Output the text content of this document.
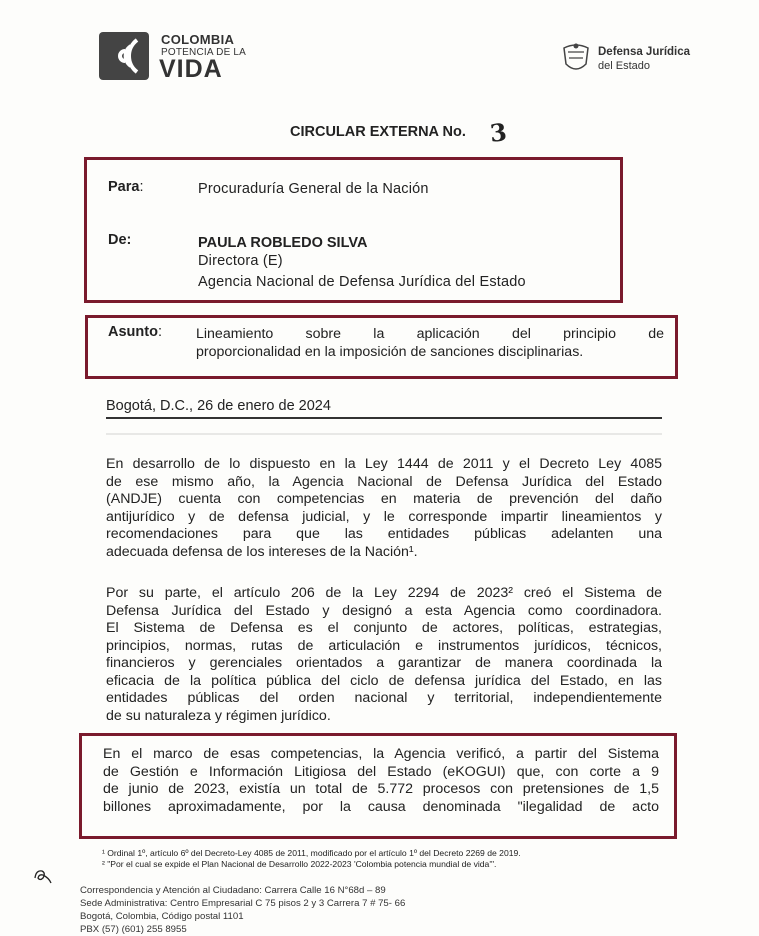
COLOMBIA
POTENCIA DE LA
VIDA
Defensa Jurídica
del Estado
CIRCULAR EXTERNA No. 3
Para:	Procuraduría General de la Nación
De:	PAULA ROBLEDO SILVA
Directora (E)
Agencia Nacional de Defensa Jurídica del Estado
Asunto: Lineamiento sobre la aplicación del principio de
proporcionalidad en la imposición de sanciones disciplinarias.
Bogotá, D.C., 26 de enero de 2024
En desarrollo de lo dispuesto en la Ley 1444 de 2011 y el Decreto Ley 4085
de ese mismo año, la Agencia Nacional de Defensa Jurídica del Estado
(ANDJE) cuenta con competencias en materia de prevención del daño
antijurídico y de defensa judicial, y le corresponde impartir lineamientos y
recomendaciones para que las entidades públicas adelanten una
adecuada defensa de los intereses de la Nación¹.
Por su parte, el artículo 206 de la Ley 2294 de 2023² creó el Sistema de
Defensa Jurídica del Estado y designó a esta Agencia como coordinadora.
El Sistema de Defensa es el conjunto de actores, políticas, estrategias,
principios, normas, rutas de articulación e instrumentos jurídicos, técnicos,
financieros y gerenciales orientados a garantizar de manera coordinada la
eficacia de la política pública del ciclo de defensa jurídica del Estado, en las
entidades públicas del orden nacional y territorial, independientemente
de su naturaleza y régimen jurídico.
En el marco de esas competencias, la Agencia verificó, a partir del Sistema
de Gestión e Información Litigiosa del Estado (eKOGUI) que, con corte a 9
de junio de 2023, existía un total de 5.772 procesos con pretensiones de 1,5
billones aproximadamente, por la causa denominada "ilegalidad de acto
¹ Ordinal 1º, artículo 6º del Decreto-Ley 4085 de 2011, modificado por el artículo 1º del Decreto 2269 de 2019.
² "Por el cual se expide el Plan Nacional de Desarrollo 2022-2023 'Colombia potencia mundial de vida'".
Correspondencia y Atención al Ciudadano: Carrera Calle 16 N°68d – 89
Sede Administrativa: Centro Empresarial C 75 pisos 2 y 3 Carrera 7 # 75- 66
Bogotá, Colombia, Código postal 1101
PBX (57) (601) 255 8955
